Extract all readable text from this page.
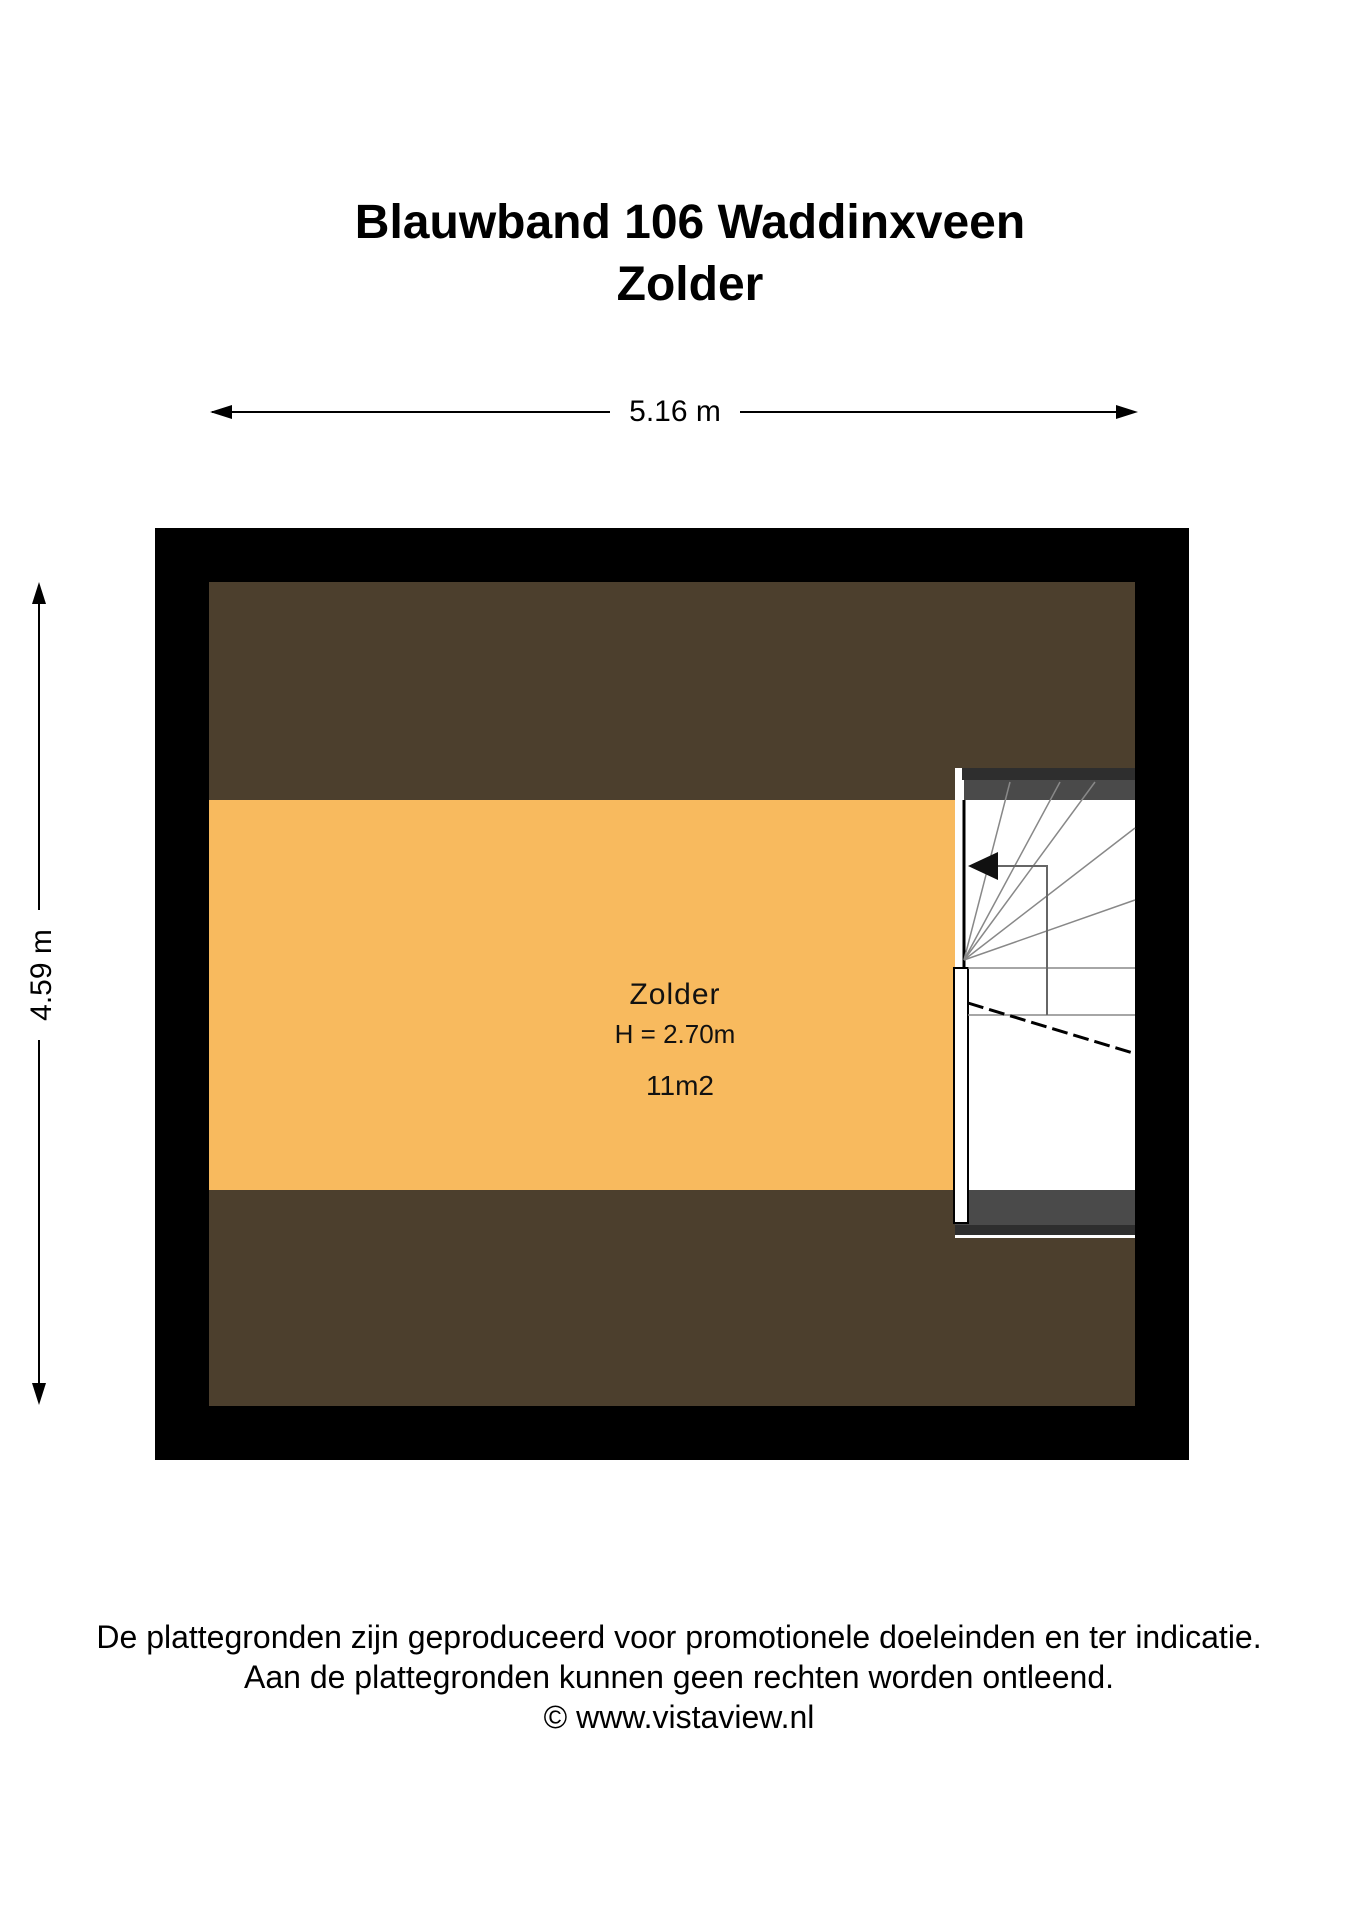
Blauwband 106 Waddinxveen
Zolder
5.16 m
4.59 m	Zolder
H = 2.70m
11m2
De plattegronden zijn geproduceerd voor promotionele doeleinden en ter indicatie.
Aan de plattegronden kunnen geen rechten worden ontleend.
© www.vistaview.nl
